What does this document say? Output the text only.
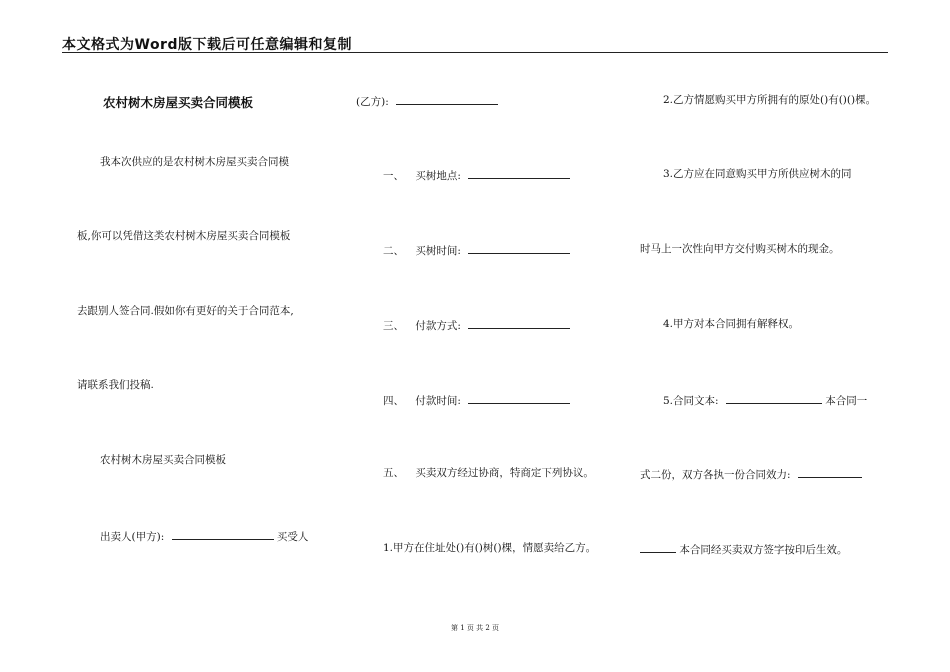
本文格式为Word版下载后可任意编辑和复制
农村树木房屋买卖合同模板
我本次供应的是农村树木房屋买卖合同模
板,你可以凭借这类农村树木房屋买卖合同模板
去跟别人签合同.假如你有更好的关于合同范本,
请联系我们投稿.
农村树木房屋买卖合同模板
出卖人(甲方):	买受人
(乙方):
一、 买树地点:
二、 买树时间:
三、 付款方式:
四、 付款时间:
五、 买卖双方经过协商，特商定下列协议。
1.甲方在住址处()有()树()棵，情愿卖给乙方。
2.乙方情愿购买甲方所拥有的原处()有()()棵。
3.乙方应在同意购买甲方所供应树木的同
时马上一次性向甲方交付购买树木的现金。
4.甲方对本合同拥有解释权。
5.合同文本:	本合同一
式二份，双方各执一份合同效力:
本合同经买卖双方签字按印后生效。
第 1 页 共 2 页
